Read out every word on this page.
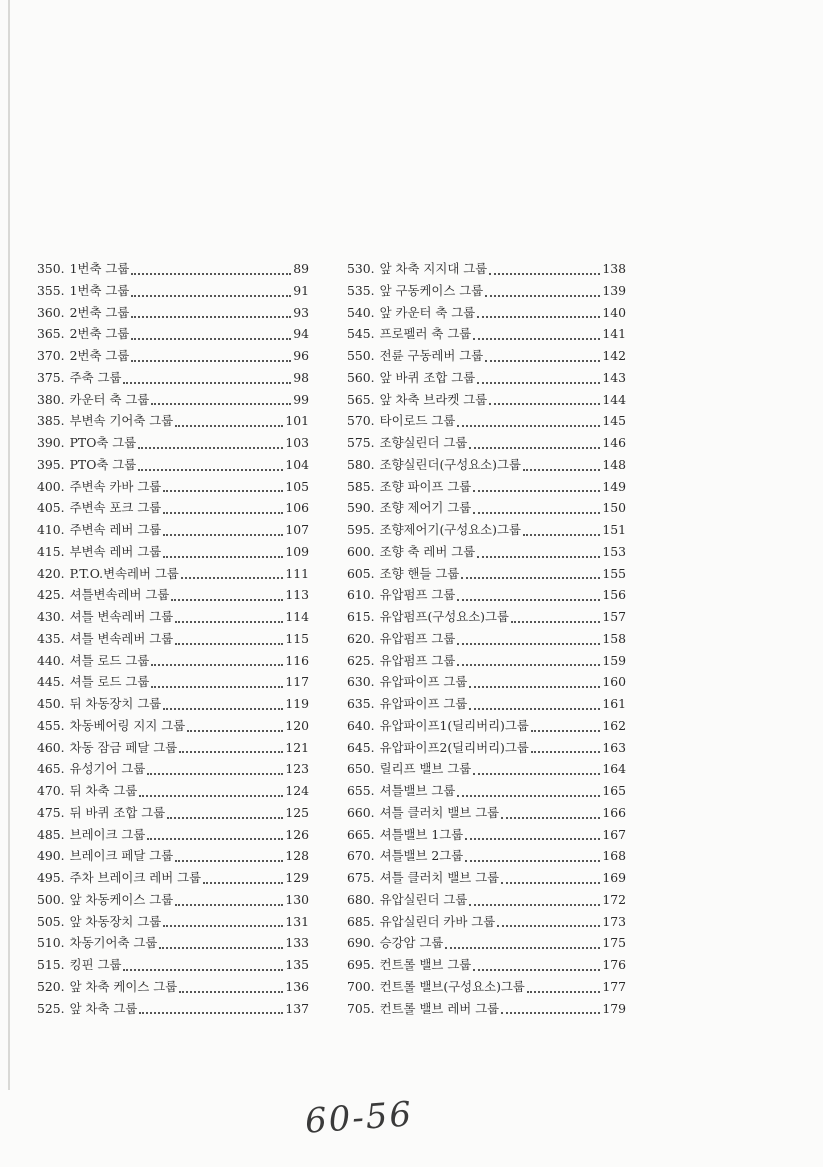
350. 1번축 그룹	89
355. 1번축 그룹	91
360. 2번축 그룹	93
365. 2번축 그룹	94
370. 2번축 그룹	96
375. 주축 그룹	98
380. 카운터 축 그룹	99
385. 부변속 기어축 그룹	101
390. PTO축 그룹	103
395. PTO축 그룹	104
400. 주변속 카바 그룹	105
405. 주변속 포크 그룹	106
410. 주변속 레버 그룹	107
415. 부변속 레버 그룹	109
420. P.T.O.변속레버 그룹	111
425. 셔틀변속레버 그룹	113
430. 셔틀 변속레버 그룹	114
435. 셔틀 변속레버 그룹	115
440. 셔틀 로드 그룹	116
445. 셔틀 로드 그룹	117
450. 뒤 차동장치 그룹	119
455. 차동베어링 지지 그룹	120
460. 차동 잠금 페달 그룹	121
465. 유성기어 그룹	123
470. 뒤 차축 그룹	124
475. 뒤 바퀴 조합 그룹	125
485. 브레이크 그룹	126
490. 브레이크 페달 그룹	128
495. 주차 브레이크 레버 그룹	129
500. 앞 차동케이스 그룹	130
505. 앞 차동장치 그룹	131
510. 차동기어축 그룹	133
515. 킹핀 그룹	135
520. 앞 차축 케이스 그룹	136
525. 앞 차축 그룹	137
530. 앞 차축 지지대 그룹	138
535. 앞 구동케이스 그룹	139
540. 앞 카운터 축 그룹	140
545. 프로펠러 축 그룹	141
550. 전륜 구동레버 그룹	142
560. 앞 바퀴 조합 그룹	143
565. 앞 차축 브라켓 그룹	144
570. 타이로드 그룹	145
575. 조향실린더 그룹	146
580. 조향실린더(구성요소)그룹	148
585. 조향 파이프 그룹	149
590. 조향 제어기 그룹	150
595. 조향제어기(구성요소)그룹	151
600. 조향 축 레버 그룹	153
605. 조향 핸들 그룹	155
610. 유압펌프 그룹	156
615. 유압펌프(구성요소)그룹	157
620. 유압펌프 그룹	158
625. 유압펌프 그룹	159
630. 유압파이프 그룹	160
635. 유압파이프 그룹	161
640. 유압파이프1(딜리버리)그룹	162
645. 유압파이프2(딜리버리)그룹	163
650. 릴리프 밸브 그룹	164
655. 셔틀밸브 그룹	165
660. 셔틀 클러치 밸브 그룹	166
665. 셔틀밸브 1그룹	167
670. 셔틀밸브 2그룹	168
675. 셔틀 클러치 밸브 그룹	169
680. 유압실린더 그룹	172
685. 유압실린더 카바 그룹	173
690. 승강암 그룹	175
695. 컨트롤 밸브 그룹	176
700. 컨트롤 밸브(구성요소)그룹	177
705. 컨트롤 밸브 레버 그룹	179
60-56
